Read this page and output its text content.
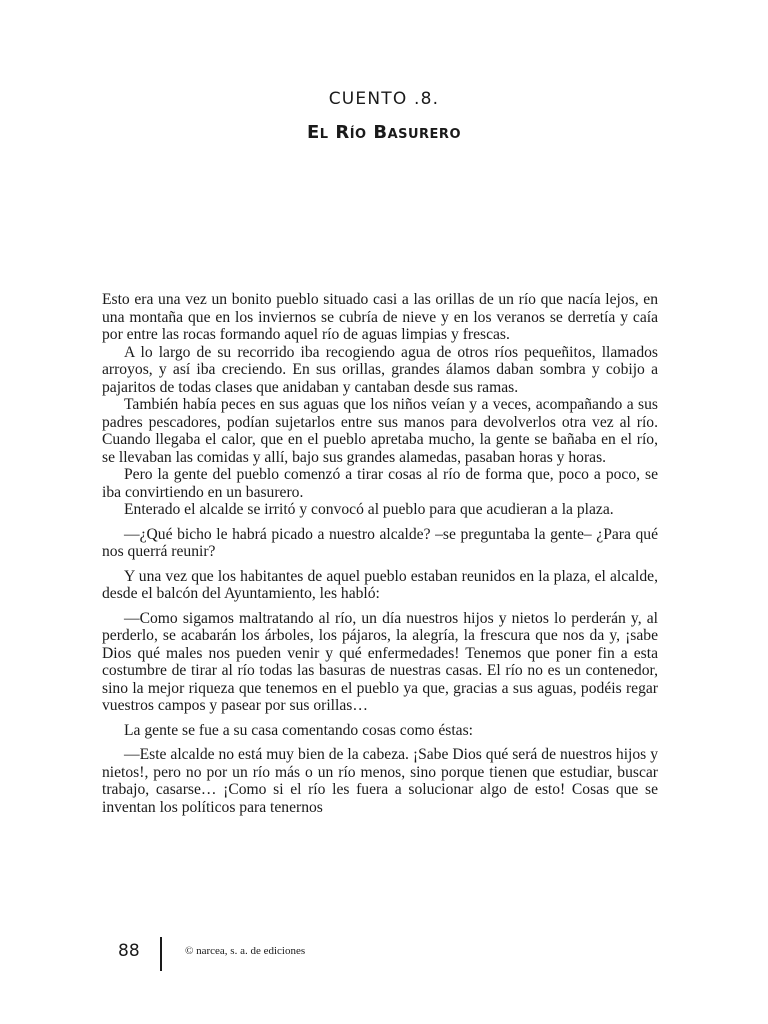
CUENTO .8.
El Río Basurero

Esto era una vez un bonito pueblo situado casi a las orillas de un río que nacía lejos, en una montaña que en los inviernos se cubría de nieve y en los veranos se derretía y caía por entre las rocas formando aquel río de aguas limpias y frescas.

A lo largo de su recorrido iba recogiendo agua de otros ríos pequeñitos, llamados arroyos, y así iba creciendo. En sus orillas, grandes álamos daban sombra y cobijo a pajaritos de todas clases que anidaban y cantaban desde sus ramas.

También había peces en sus aguas que los niños veían y a veces, acompañando a sus padres pescadores, podían sujetarlos entre sus manos para devolverlos otra vez al río. Cuando llegaba el calor, que en el pueblo apretaba mucho, la gente se bañaba en el río, se llevaban las comidas y allí, bajo sus grandes alamedas, pasaban horas y horas.

Pero la gente del pueblo comenzó a tirar cosas al río de forma que, poco a poco, se iba convirtiendo en un basurero.

Enterado el alcalde se irritó y convocó al pueblo para que acudieran a la plaza.

—¿Qué bicho le habrá picado a nuestro alcalde? –se preguntaba la gente– ¿Para qué nos querrá reunir?

Y una vez que los habitantes de aquel pueblo estaban reunidos en la plaza, el alcalde, desde el balcón del Ayuntamiento, les habló:

—Como sigamos maltratando al río, un día nuestros hijos y nietos lo perderán y, al perderlo, se acabarán los árboles, los pájaros, la alegría, la frescura que nos da y, ¡sabe Dios qué males nos pueden venir y qué enfermedades! Tenemos que poner fin a esta costumbre de tirar al río todas las basuras de nuestras casas. El río no es un contenedor, sino la mejor riqueza que tenemos en el pueblo ya que, gracias a sus aguas, podéis regar vuestros campos y pasear por sus orillas…

La gente se fue a su casa comentando cosas como éstas:

—Este alcalde no está muy bien de la cabeza. ¡Sabe Dios qué será de nuestros hijos y nietos!, pero no por un río más o un río menos, sino porque tienen que estudiar, buscar trabajo, casarse… ¡Como si el río les fuera a solucionar algo de esto! Cosas que se inventan los políticos para tenernos

88	© narcea, s. a. de ediciones
